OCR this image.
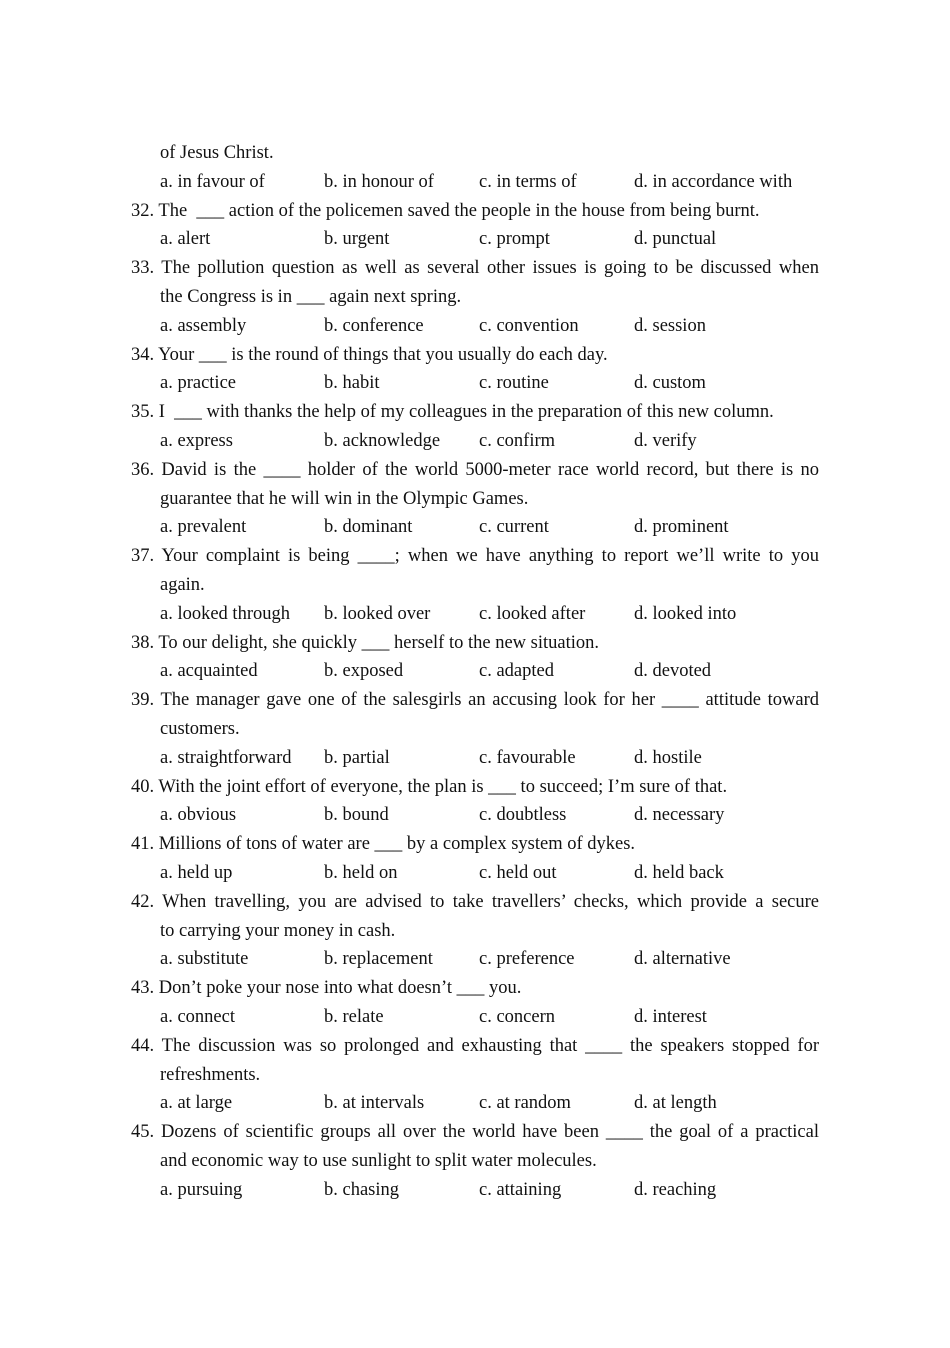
of Jesus Christ.

a. in favour of

	b. in honour of

c. in terms of

	d. in accordance with

32. The  ___ action of the policemen saved the people in the house from being burnt.

a. alert

	b. urgent

	c. prompt

	d. punctual

33. The pollution question as well as several other issues is going to be discussed when
the Congress is in ___ again next spring.

a. assembly

	b. conference

	c. convention

	d. session

34. Your ___ is the round of things that you usually do each day.

a. practice

	b. habit

	c. routine

	d. custom

35. I  ___ with thanks the help of my colleagues in the preparation of this new column.

a. express

	b. acknowledge

c. confirm

	d. verify

36. David is the ____ holder of the world 5000-meter race world record, but there is no
guarantee that he will win in the Olympic Games.

a. prevalent

	b. dominant

	c. current

	d. prominent

37. Your complaint is being ____; when we have anything to report we’ll write to you
again.

a. looked through

b. looked over

	c. looked after

	d. looked into

38. To our delight, she quickly ___ herself to the new situation.

a. acquainted

	b. exposed

	c. adapted

	d. devoted

39. The manager gave one of the salesgirls an accusing look for her ____ attitude toward
customers.

a. straightforward

b. partial

	c. favourable

	d. hostile

40. With the joint effort of everyone, the plan is ___ to succeed; I’m sure of that.

a. obvious

	b. bound

	c. doubtless

	d. necessary

41. Millions of tons of water are ___ by a complex system of dykes.

a. held up

	b. held on

	c. held out

	d. held back

42. When travelling, you are advised to take travellers’ checks, which provide a secure
to carrying your money in cash.

a. substitute

	b. replacement

c. preference

	d. alternative

43. Don’t poke your nose into what doesn’t ___ you.

a. connect

	b. relate

	c. concern

	d. interest

44. The discussion was so prolonged and exhausting that ____ the speakers stopped for
refreshments.

a. at large

	b. at intervals

	c. at random

	d. at length

45. Dozens of scientific groups all over the world have been ____ the goal of a practical
and economic way to use sunlight to split water molecules.

a. pursuing

	b. chasing

	c. attaining

	d. reaching
